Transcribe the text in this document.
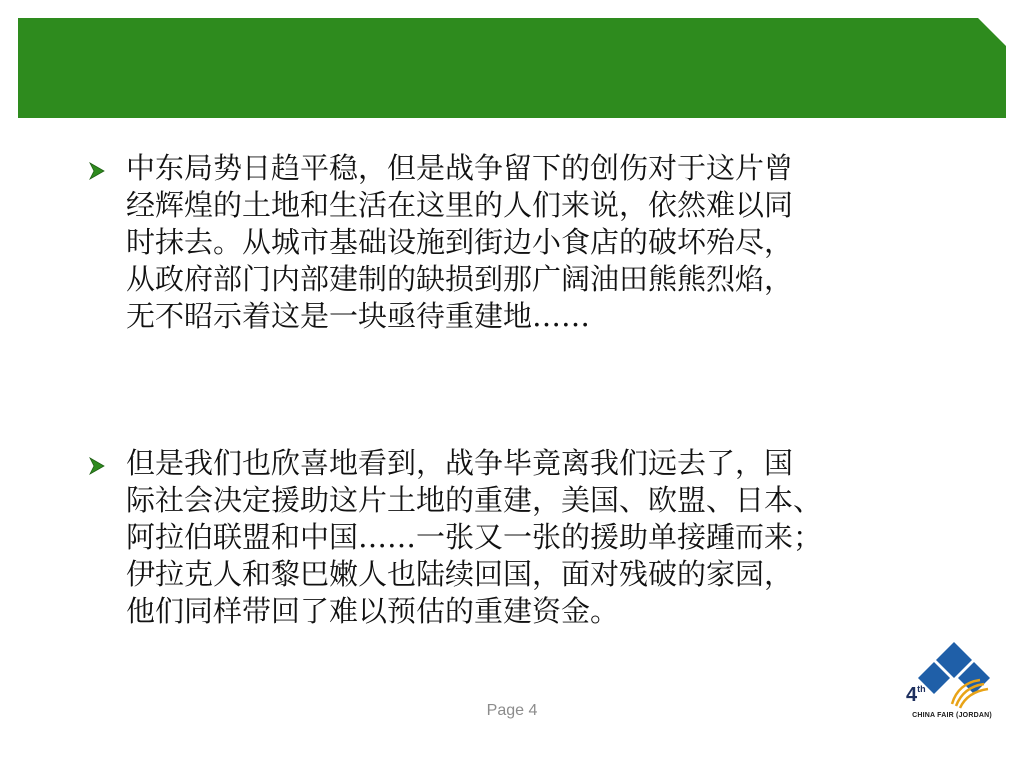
中东局势日趋平稳，但是战争留下的创伤对于这片曾
经辉煌的土地和生活在这里的人们来说，依然难以同
时抹去。从城市基础设施到街边小食店的破坏殆尽，
从政府部门内部建制的缺损到那广阔油田熊熊烈焰，
无不昭示着这是一块亟待重建地……

但是我们也欣喜地看到，战争毕竟离我们远去了，国
际社会决定援助这片土地的重建，美国、欧盟、日本、
阿拉伯联盟和中国……一张又一张的援助单接踵而来；
伊拉克人和黎巴嫩人也陆续回国，面对残破的家园，
他们同样带回了难以预估的重建资金。

Page 4
4th
CHINA FAIR (JORDAN)
